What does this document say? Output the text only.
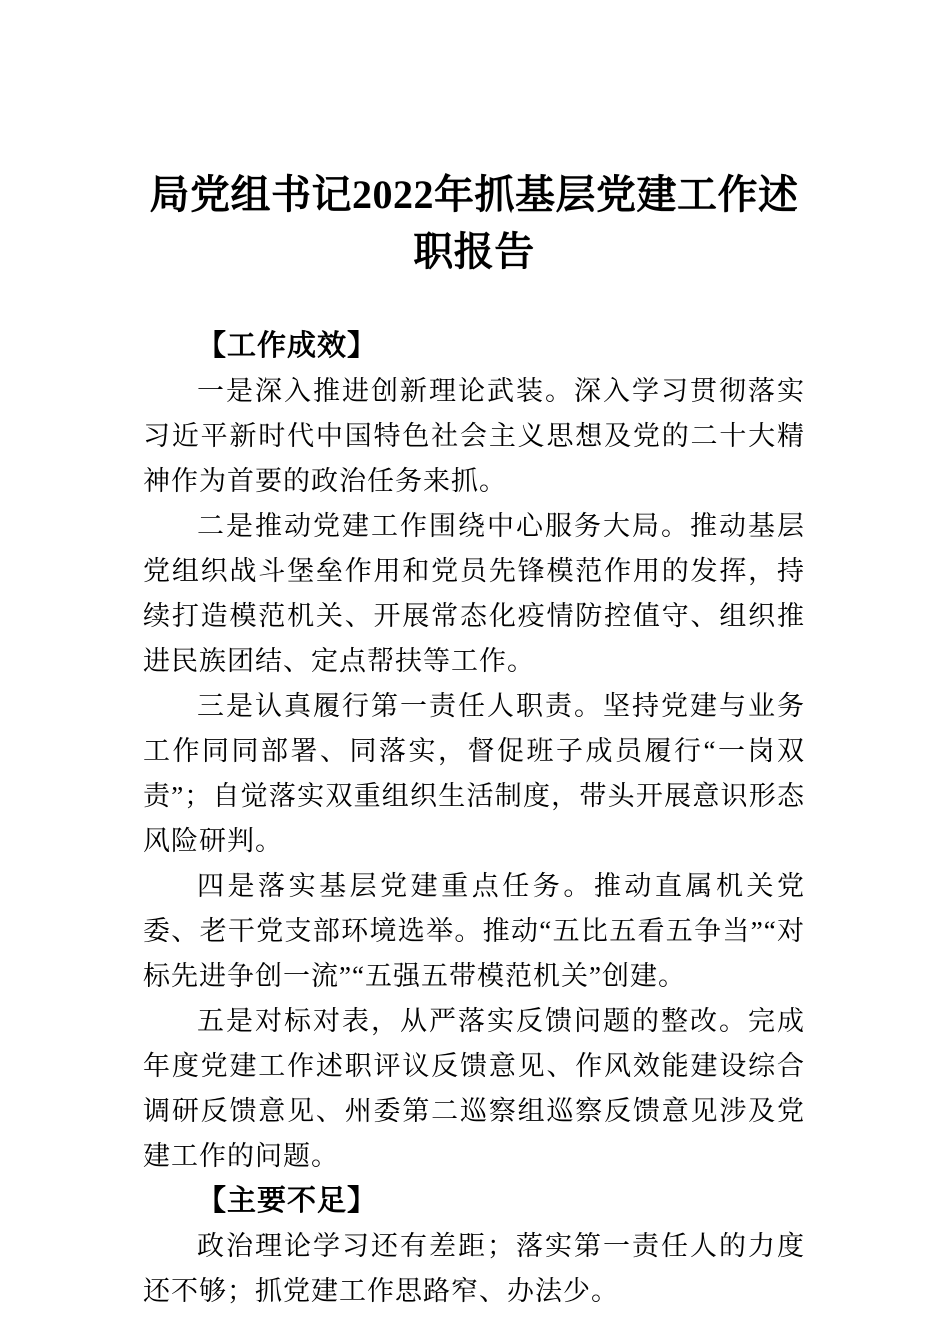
局党组书记2022年抓基层党建工作述职报告
【工作成效】

一是深入推进创新理论武装。深入学习贯彻落实习近平新时代中国特色社会主义思想及党的二十大精神作为首要的政治任务来抓。

二是推动党建工作围绕中心服务大局。推动基层党组织战斗堡垒作用和党员先锋模范作用的发挥，持续打造模范机关、开展常态化疫情防控值守、组织推进民族团结、定点帮扶等工作。

三是认真履行第一责任人职责。坚持党建与业务工作同同部署、同落实，督促班子成员履行“一岗双责”；自觉落实双重组织生活制度，带头开展意识形态风险研判。

四是落实基层党建重点任务。推动直属机关党委、老干党支部环境选举。推动“五比五看五争当”“对标先进争创一流”“五强五带模范机关”创建。

五是对标对表，从严落实反馈问题的整改。完成年度党建工作述职评议反馈意见、作风效能建设综合调研反馈意见、州委第二巡察组巡察反馈意见涉及党建工作的问题。

【主要不足】

政治理论学习还有差距；落实第一责任人的力度还不够；抓党建工作思路窄、办法少。
